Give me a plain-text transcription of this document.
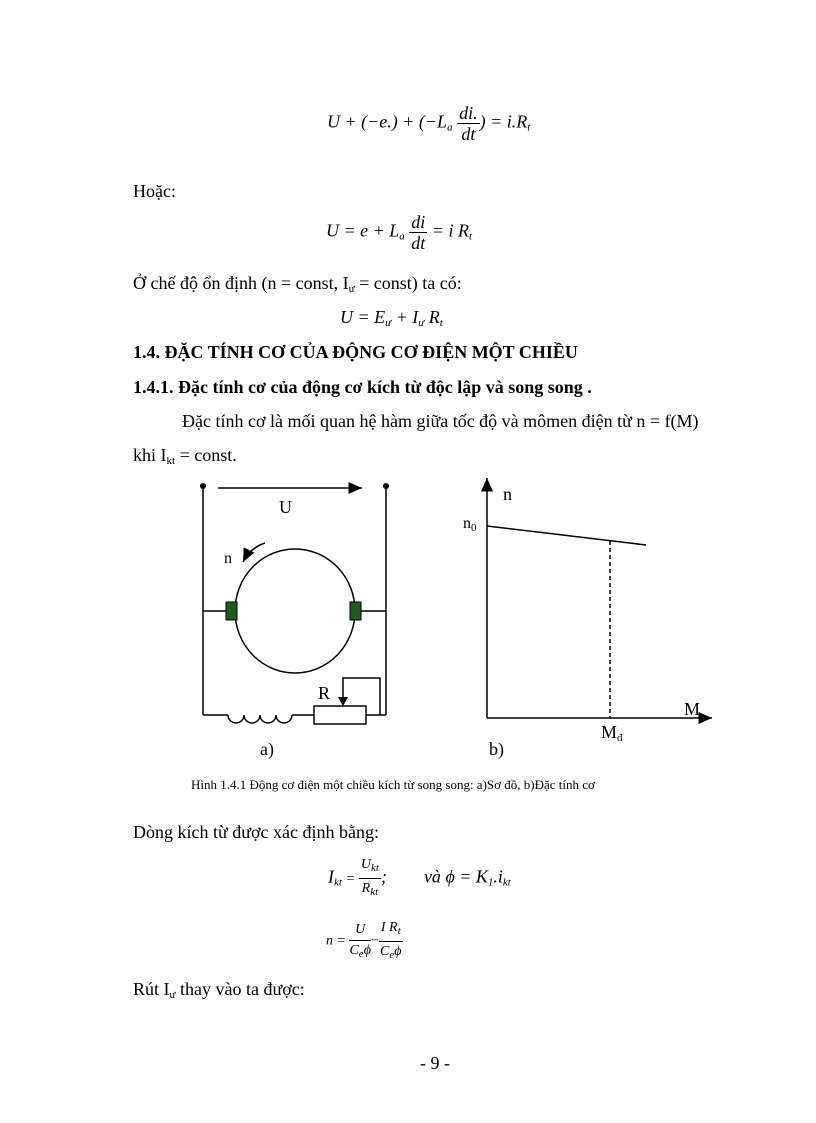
$U + (-e.) + (-L_a \frac{di.}{dt}$ ) = $i.R_t$
Hoặc:
$U = e + L_a \frac{di}{dt} = i$ $R_t$
Ở chế độ ổn định (n = const, $I_ư$ = const) ta có:
$U = E_ư + I_ư$ $R_t$
1.4. ĐẶC TÍNH CƠ CỦA ĐỘNG CƠ ĐIỆN MỘT CHIỀU
1.4.1. Đặc tính cơ của động cơ kích từ độc lập và song song .
Đặc tính cơ là mối quan hệ hàm giữa tốc độ và mômen điện từ n = f(M)
khi $I_{kt}$ = const.
U
n
R
a)	b)
n
$n_0$
M
$M_đ$
Hình 1.4.1 Động cơ điện một chiều kích từ song song: a)Sơ đồ, b)Đặc tính cơ
Dòng kích từ được xác định bằng:
$I_{kt} = \frac{U_{kt}}{R_{kt}}$ ; và $\phi = K_1.i_{kt}$
$n = \frac{U}{C_e\phi} - \frac{I R_t}{C_e\phi}$
Rút $I_ư$ thay vào ta được:
- 9 -
